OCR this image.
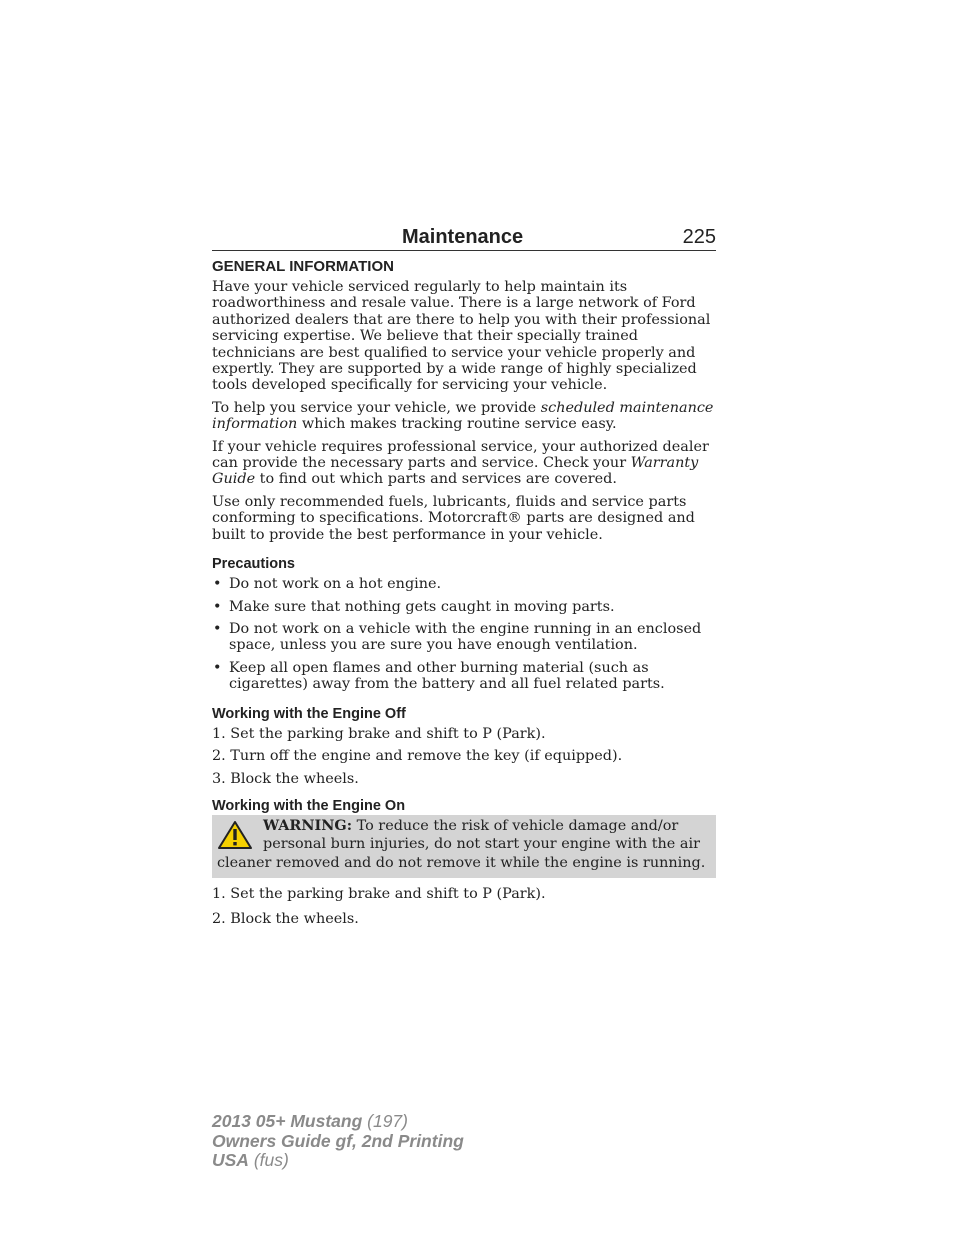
Maintenance	225
GENERAL INFORMATION

Have your vehicle serviced regularly to help maintain its roadworthiness and resale value. There is a large network of Ford authorized dealers that are there to help you with their professional servicing expertise. We believe that their specially trained technicians are best qualified to service your vehicle properly and expertly. They are supported by a wide range of highly specialized tools developed specifically for servicing your vehicle.

To help you service your vehicle, we provide scheduled maintenance information which makes tracking routine service easy.

If your vehicle requires professional service, your authorized dealer can provide the necessary parts and service. Check your Warranty Guide to find out which parts and services are covered.

Use only recommended fuels, lubricants, fluids and service parts conforming to specifications. Motorcraft® parts are designed and built to provide the best performance in your vehicle.

Precautions
• Do not work on a hot engine.
• Make sure that nothing gets caught in moving parts.
• Do not work on a vehicle with the engine running in an enclosed space, unless you are sure you have enough ventilation.
• Keep all open flames and other burning material (such as cigarettes) away from the battery and all fuel related parts.
Working with the Engine Off
1. Set the parking brake and shift to P (Park).
2. Turn off the engine and remove the key (if equipped).
3. Block the wheels.
Working with the Engine On

WARNING: To reduce the risk of vehicle damage and/or personal burn injuries, do not start your engine with the air cleaner removed and do not remove it while the engine is running.

1. Set the parking brake and shift to P (Park).
2. Block the wheels.
2013 05+ Mustang (197)
Owners Guide gf, 2nd Printing
USA (fus)
